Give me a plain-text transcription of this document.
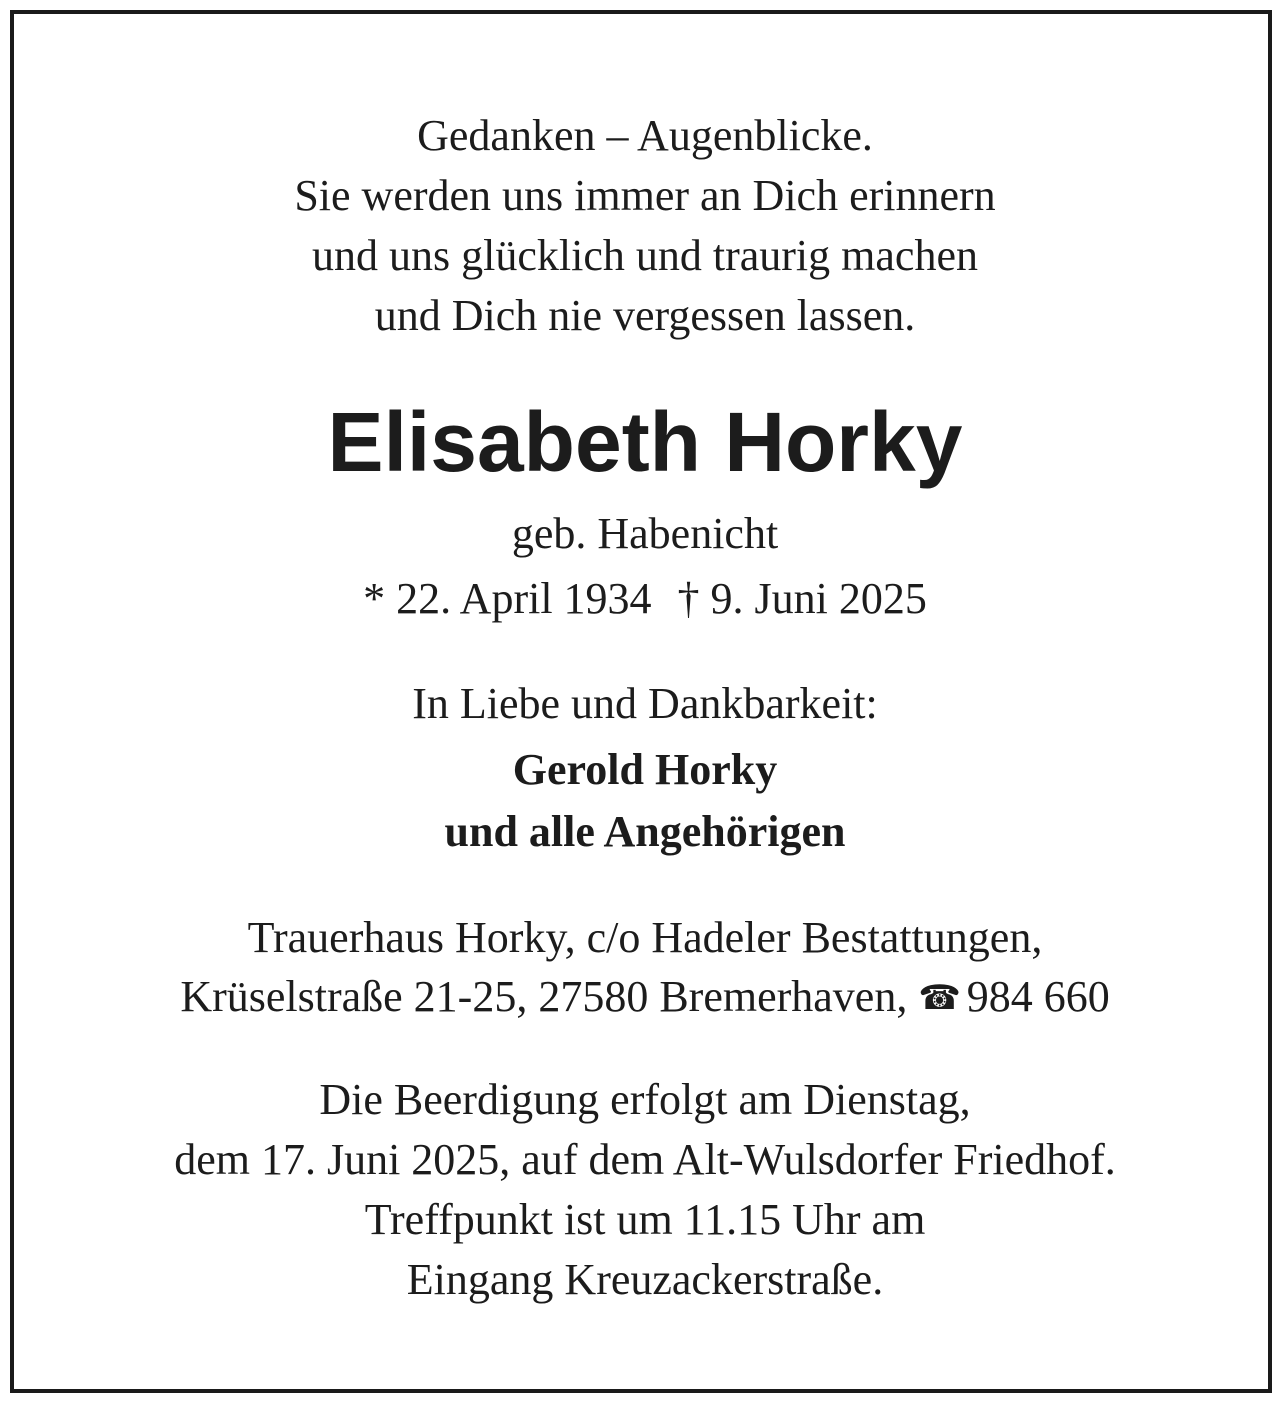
Gedanken – Augenblicke.
Sie werden uns immer an Dich erinnern
und uns glücklich und traurig machen
und Dich nie vergessen lassen.
Elisabeth Horky
geb. Habenicht
* 22. April 1934 † 9. Juni 2025
In Liebe und Dankbarkeit:
Gerold Horky
und alle Angehörigen
Trauerhaus Horky, c/o Hadeler Bestattungen,
Krüselstraße 21-25, 27580 Bremerhaven, ☎ 984 660
Die Beerdigung erfolgt am Dienstag,
dem 17. Juni 2025, auf dem Alt-Wulsdorfer Friedhof.
Treffpunkt ist um 11.15 Uhr am
Eingang Kreuzackerstraße.
